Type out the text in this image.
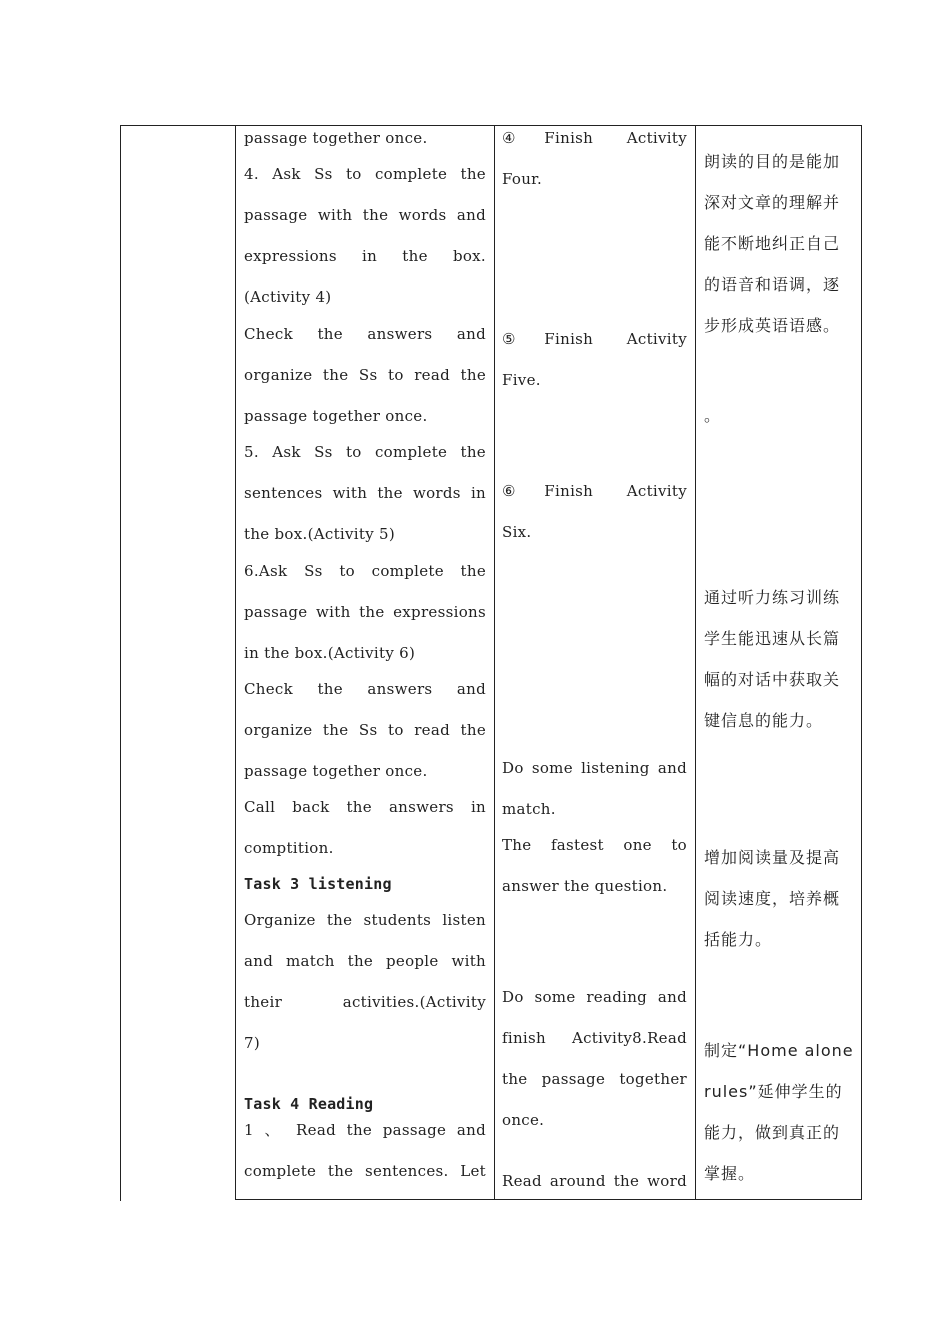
passage together once.
4. Ask Ss to complete the
passage with the words and
expressions in the box.
(Activity 4)
Check the answers and
organize the Ss to read the
passage together once.
5. Ask Ss to complete the
sentences with the words in
the box.(Activity 5)
6.Ask Ss to complete the
passage with the expressions
in the box.(Activity 6)
Check the answers and
organize the Ss to read the
passage together once.
Call back the answers in
comptition.
Task 3 listening
Organize the students listen
and match the people with
their activities.(Activity
7)
Task 4 Reading
1 、 Read the passage and
complete the sentences. Let
④Finish Activity
Four.
⑤Finish Activity
Five.
⑥Finish Activity
Six.
Do some listening and
match.
The fastest one to
answer the question.
Do some reading and
finish Activity8.Read
the passage together
once.
Read around the word
朗读的目的是能加
深对文章的理解并
能不断地纠正自己
的语音和语调，逐
步形成英语语感。
。
通过听力练习训练
学生能迅速从长篇
幅的对话中获取关
键信息的能力。
增加阅读量及提高
阅读速度，培养概
括能力。
制定“Home alone
rules”延伸学生的
能力，做到真正的
掌握。
